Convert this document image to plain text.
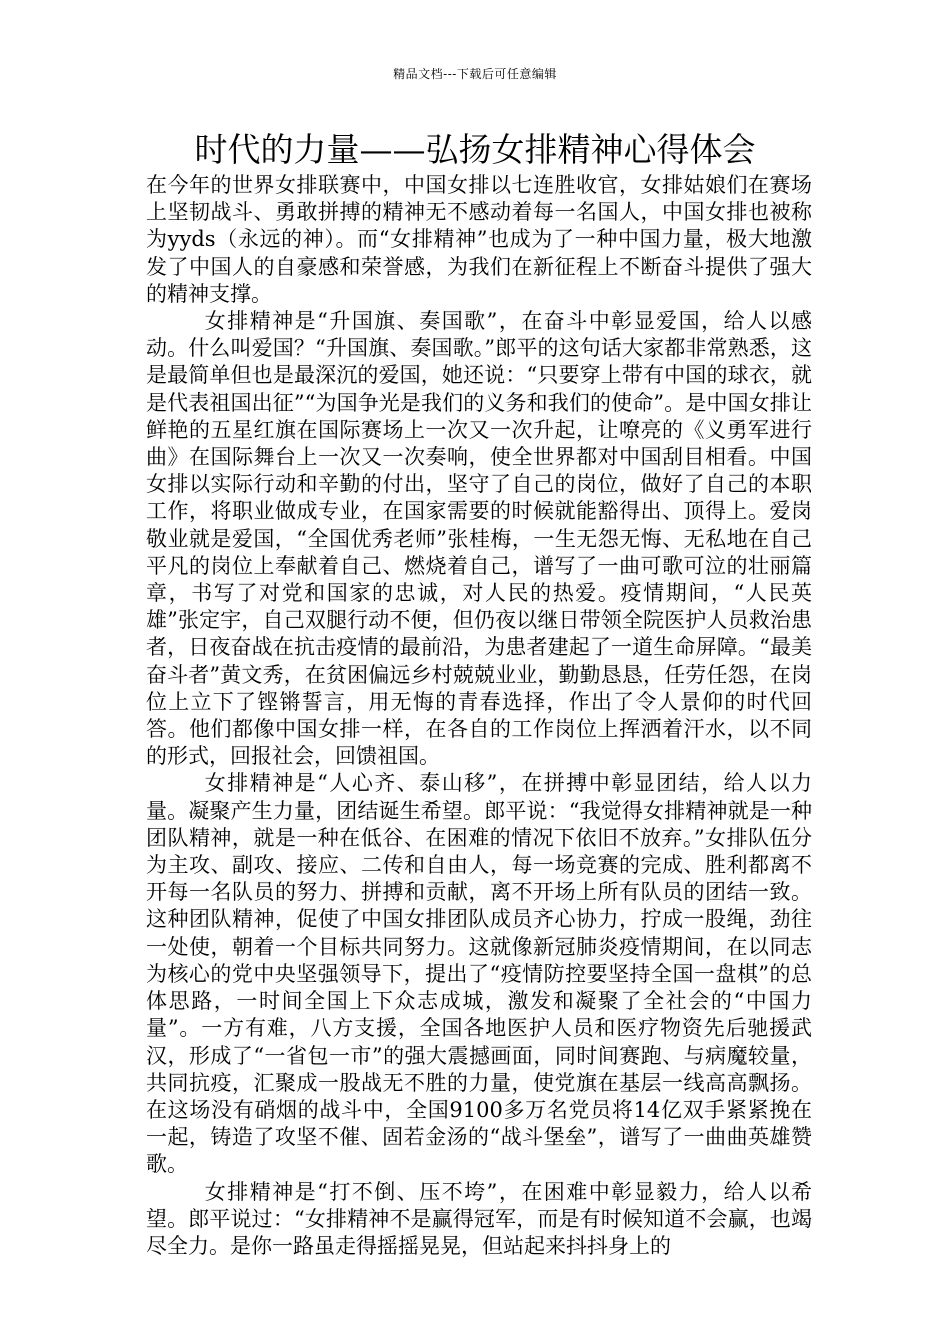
精品文档---下载后可任意编辑
时代的力量——弘扬女排精神心得体会

在今年的世界女排联赛中，中国女排以七连胜收官，女排姑娘们在赛场上坚韧战斗、勇敢拼搏的精神无不感动着每一名国人，中国女排也被称为yyds（永远的神）。而“女排精神”也成为了一种中国力量，极大地激发了中国人的自豪感和荣誉感，为我们在新征程上不断奋斗提供了强大的精神支撑。

女排精神是“升国旗、奏国歌”，在奋斗中彰显爱国，给人以感动。什么叫爱国？“升国旗、奏国歌。”郎平的这句话大家都非常熟悉，这是最简单但也是最深沉的爱国，她还说：“只要穿上带有中国的球衣，就是代表祖国出征”“为国争光是我们的义务和我们的使命”。是中国女排让鲜艳的五星红旗在国际赛场上一次又一次升起，让嘹亮的《义勇军进行曲》在国际舞台上一次又一次奏响，使全世界都对中国刮目相看。中国女排以实际行动和辛勤的付出，坚守了自己的岗位，做好了自己的本职工作，将职业做成专业，在国家需要的时候就能豁得出、顶得上。爱岗敬业就是爱国，“全国优秀老师”张桂梅，一生无怨无悔、无私地在自己平凡的岗位上奉献着自己、燃烧着自己，谱写了一曲可歌可泣的壮丽篇章，书写了对党和国家的忠诚，对人民的热爱。疫情期间，“人民英雄”张定宇，自己双腿行动不便，但仍夜以继日带领全院医护人员救治患者，日夜奋战在抗击疫情的最前沿，为患者建起了一道生命屏障。“最美奋斗者”黄文秀，在贫困偏远乡村兢兢业业，勤勤恳恳，任劳任怨，在岗位上立下了铿锵誓言，用无悔的青春选择，作出了令人景仰的时代回答。他们都像中国女排一样，在各自的工作岗位上挥洒着汗水，以不同的形式，回报社会，回馈祖国。

女排精神是“人心齐、泰山移”，在拼搏中彰显团结，给人以力量。凝聚产生力量，团结诞生希望。郎平说：“我觉得女排精神就是一种团队精神，就是一种在低谷、在困难的情况下依旧不放弃。”女排队伍分为主攻、副攻、接应、二传和自由人，每一场竞赛的完成、胜利都离不开每一名队员的努力、拼搏和贡献，离不开场上所有队员的团结一致。这种团队精神，促使了中国女排团队成员齐心协力，拧成一股绳，劲往一处使，朝着一个目标共同努力。这就像新冠肺炎疫情期间，在以同志为核心的党中央坚强领导下，提出了“疫情防控要坚持全国一盘棋”的总体思路，一时间全国上下众志成城，激发和凝聚了全社会的“中国力量”。一方有难，八方支援，全国各地医护人员和医疗物资先后驰援武汉，形成了“一省包一市”的强大震撼画面，同时间赛跑、与病魔较量，共同抗疫，汇聚成一股战无不胜的力量，使党旗在基层一线高高飘扬。在这场没有硝烟的战斗中，全国9100多万名党员将14亿双手紧紧挽在一起，铸造了攻坚不催、固若金汤的“战斗堡垒”，谱写了一曲曲英雄赞歌。

女排精神是“打不倒、压不垮”，在困难中彰显毅力，给人以希望。郎平说过：“女排精神不是赢得冠军，而是有时候知道不会赢，也竭尽全力。是你一路虽走得摇摇晃晃，但站起来抖抖身上的
